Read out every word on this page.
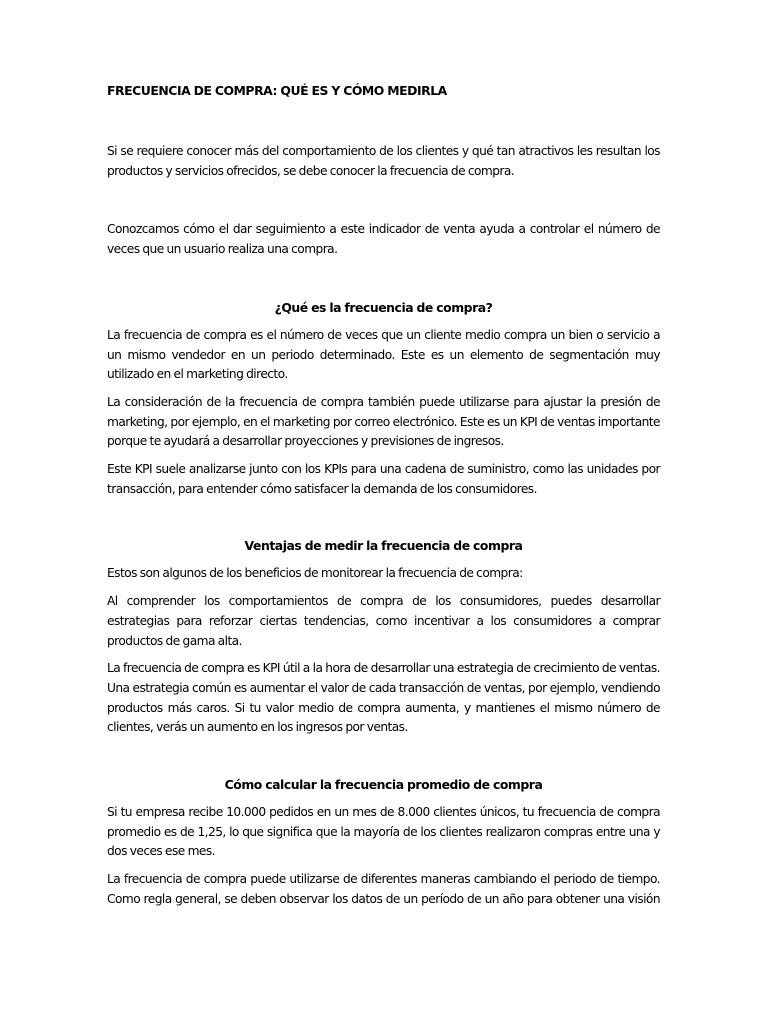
FRECUENCIA DE COMPRA: QUÉ ES Y CÓMO MEDIRLA

Si se requiere conocer más del comportamiento de los clientes y qué tan atractivos les resultan los productos y servicios ofrecidos, se debe conocer la frecuencia de compra.

Conozcamos cómo el dar seguimiento a este indicador de venta ayuda a controlar el número de veces que un usuario realiza una compra.

¿Qué es la frecuencia de compra?

La frecuencia de compra es el número de veces que un cliente medio compra un bien o servicio a un mismo vendedor en un periodo determinado. Este es un elemento de segmentación muy utilizado en el marketing directo.

La consideración de la frecuencia de compra también puede utilizarse para ajustar la presión de marketing, por ejemplo, en el marketing por correo electrónico. Este es un KPI de ventas importante porque te ayudará a desarrollar proyecciones y previsiones de ingresos.

Este KPI suele analizarse junto con los KPIs para una cadena de suministro, como las unidades por transacción, para entender cómo satisfacer la demanda de los consumidores.

Ventajas de medir la frecuencia de compra

Estos son algunos de los beneficios de monitorear la frecuencia de compra:

Al comprender los comportamientos de compra de los consumidores, puedes desarrollar estrategias para reforzar ciertas tendencias, como incentivar a los consumidores a comprar productos de gama alta.

La frecuencia de compra es KPI útil a la hora de desarrollar una estrategia de crecimiento de ventas. Una estrategia común es aumentar el valor de cada transacción de ventas, por ejemplo, vendiendo productos más caros. Si tu valor medio de compra aumenta, y mantienes el mismo número de clientes, verás un aumento en los ingresos por ventas.

Cómo calcular la frecuencia promedio de compra

Si tu empresa recibe 10.000 pedidos en un mes de 8.000 clientes únicos, tu frecuencia de compra promedio es de 1,25, lo que significa que la mayoría de los clientes realizaron compras entre una y dos veces ese mes.

La frecuencia de compra puede utilizarse de diferentes maneras cambiando el periodo de tiempo. Como regla general, se deben observar los datos de un período de un año para obtener una visión
